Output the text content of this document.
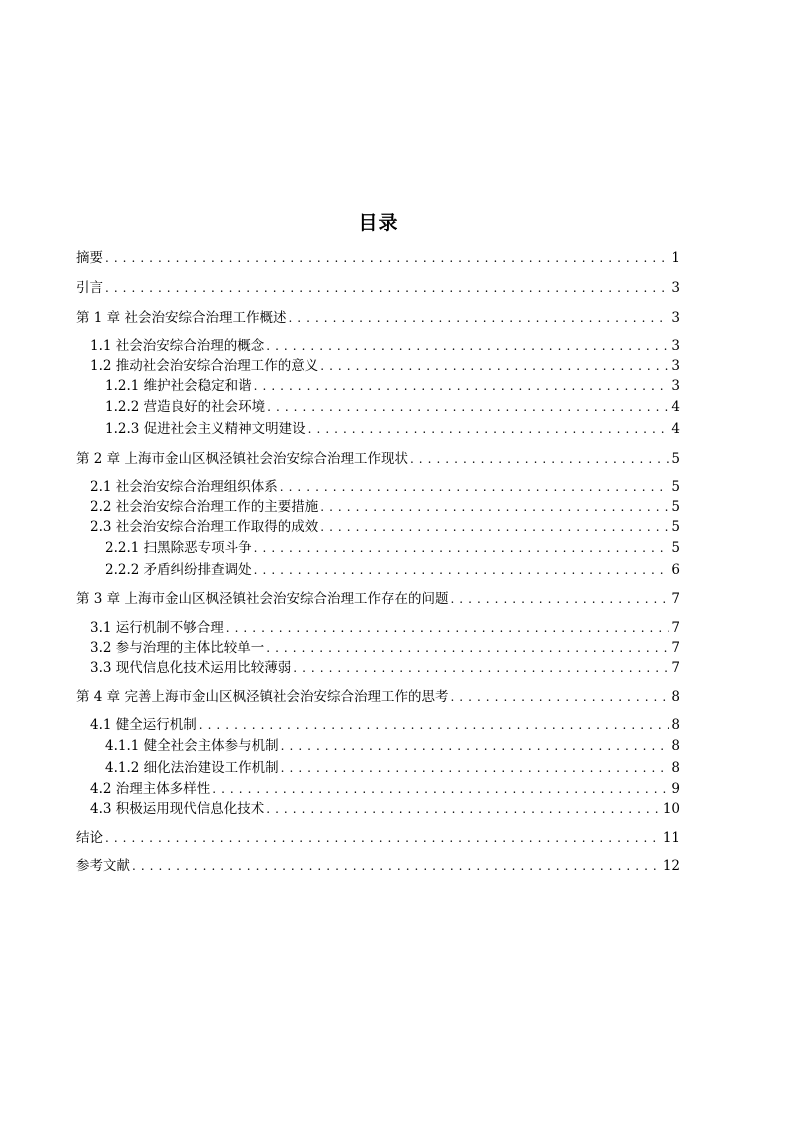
目录
摘要 . . .	1
引言 . . .	3
第 1 章 社会治安综合治理工作概述 . . .	3
1.1 社会治安综合治理的概念 . . .	3
1.2 推动社会治安综合治理工作的意义 . . .	3
1.2.1 维护社会稳定和谐 . . .	3
1.2.2 营造良好的社会环境 . . .	4
1.2.3 促进社会主义精神文明建设 . . .	4
第 2 章 上海市金山区枫泾镇社会治安综合治理工作现状 . . .	5
2.1 社会治安综合治理组织体系 . . .	5
2.2 社会治安综合治理工作的主要措施 . . .	5
2.3 社会治安综合治理工作取得的成效 . . .	5
2.2.1 扫黑除恶专项斗争 . . .	5
2.2.2 矛盾纠纷排查调处 . . .	6
第 3 章 上海市金山区枫泾镇社会治安综合治理工作存在的问题 . . .	7
3.1 运行机制不够合理 . . .	7
3.2 参与治理的主体比较单一 . . .	7
3.3 现代信息化技术运用比较薄弱 . . .	7
第 4 章 完善上海市金山区枫泾镇社会治安综合治理工作的思考 . . .	8
4.1 健全运行机制 . . .	8
4.1.1 健全社会主体参与机制 . . .	8
4.1.2 细化法治建设工作机制 . . .	8
4.2 治理主体多样性 . . .	9
4.3 积极运用现代信息化技术 . . .	10
结论 . . .	11
参考文献 . . .	12
